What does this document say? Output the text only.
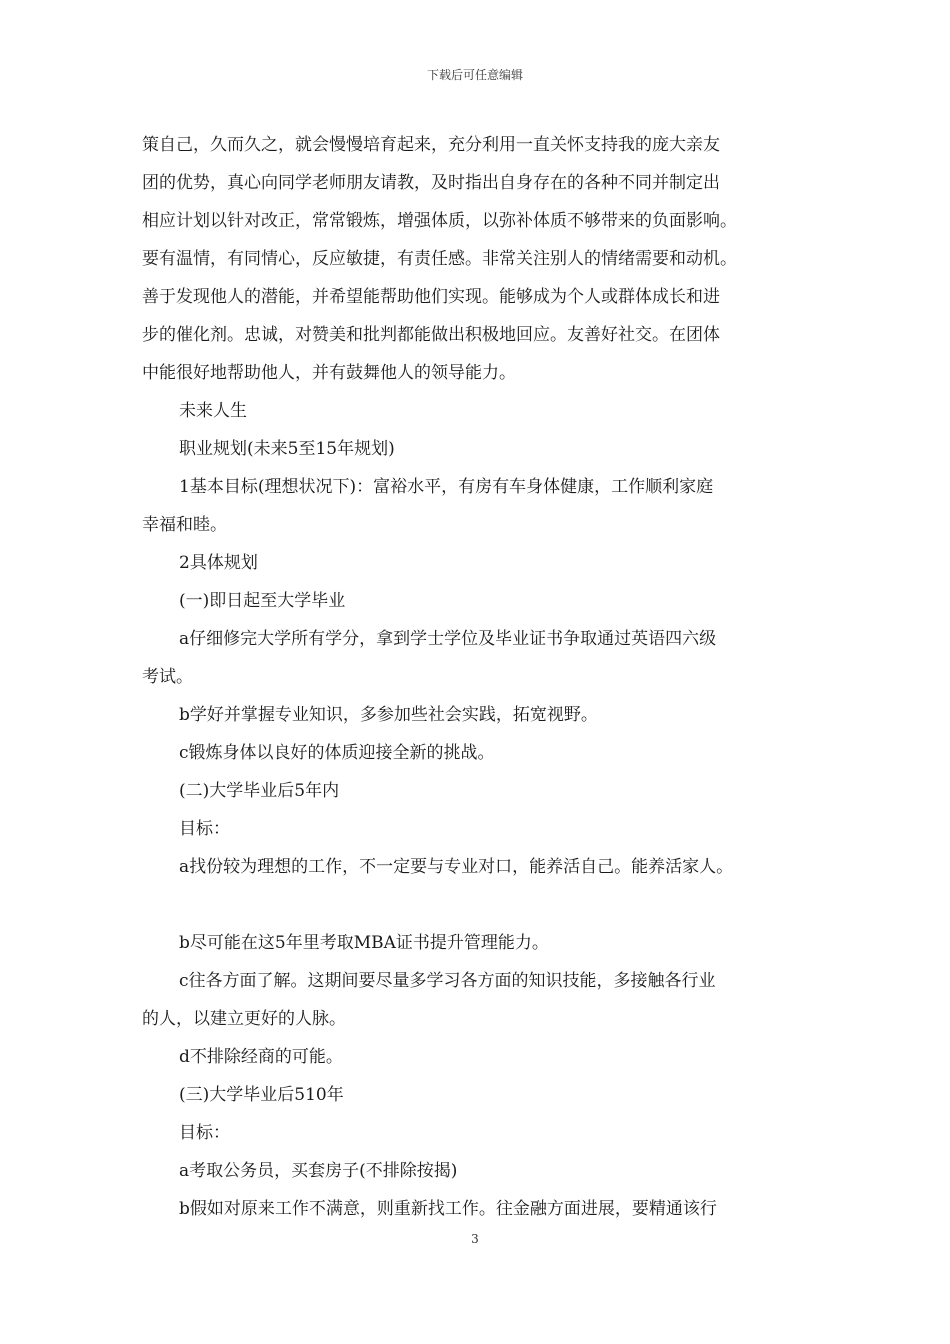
下载后可任意编辑

策自己，久而久之，就会慢慢培育起来，充分利用一直关怀支持我的庞大亲友

团的优势，真心向同学老师朋友请教，及时指出自身存在的各种不同并制定出

相应计划以针对改正，常常锻炼，增强体质，以弥补体质不够带来的负面影响。

要有温情，有同情心，反应敏捷，有责任感。非常关注别人的情绪需要和动机。

善于发现他人的潜能，并希望能帮助他们实现。能够成为个人或群体成长和进

步的催化剂。忠诚，对赞美和批判都能做出积极地回应。友善好社交。在团体

中能很好地帮助他人，并有鼓舞他人的领导能力。

未来人生

职业规划(未来5至15年规划)

1基本目标(理想状况下)：富裕水平，有房有车身体健康，工作顺利家庭

幸福和睦。

2具体规划

(一)即日起至大学毕业

a仔细修完大学所有学分，拿到学士学位及毕业证书争取通过英语四六级

考试。

b学好并掌握专业知识，多参加些社会实践，拓宽视野。

c锻炼身体以良好的体质迎接全新的挑战。

(二)大学毕业后5年内

目标：

a找份较为理想的工作，不一定要与专业对口，能养活自己。能养活家人。

b尽可能在这5年里考取MBA证书提升管理能力。

c往各方面了解。这期间要尽量多学习各方面的知识技能，多接触各行业

的人，以建立更好的人脉。

d不排除经商的可能。

(三)大学毕业后510年

目标：

a考取公务员，买套房子(不排除按揭)

b假如对原来工作不满意，则重新找工作。往金融方面进展，要精通该行

3
